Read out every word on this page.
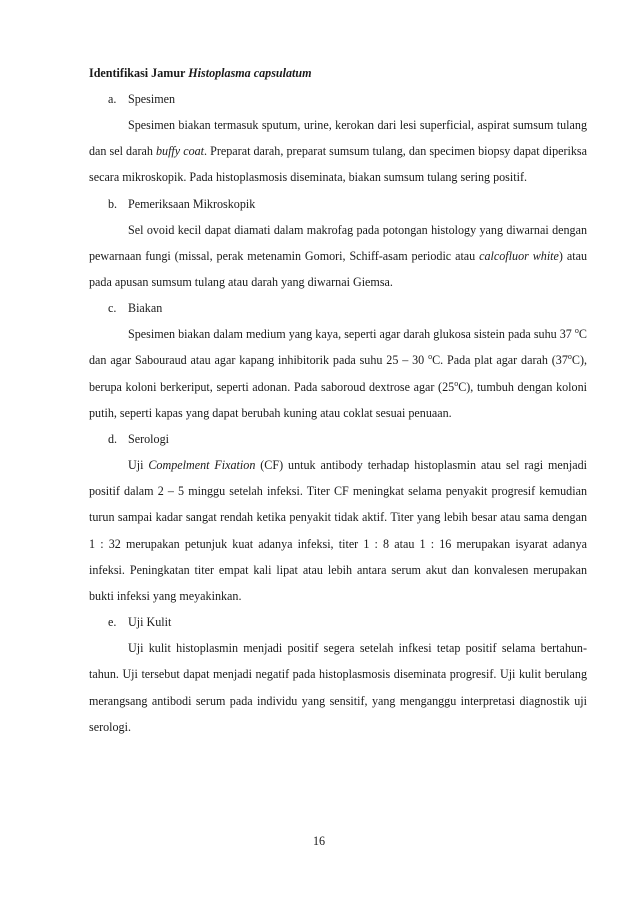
Identifikasi Jamur Histoplasma capsulatum

a. Spesimen

Spesimen biakan termasuk sputum, urine, kerokan dari lesi superficial, aspirat sumsum tulang dan sel darah buffy coat. Preparat darah, preparat sumsum tulang, dan specimen biopsy dapat diperiksa secara mikroskopik. Pada histoplasmosis diseminata, biakan sumsum tulang sering positif.

b. Pemeriksaan Mikroskopik

Sel ovoid kecil dapat diamati dalam makrofag pada potongan histology yang diwarnai dengan pewarnaan fungi (missal, perak metenamin Gomori, Schiff-asam periodic atau calcofluor white) atau pada apusan sumsum tulang atau darah yang diwarnai Giemsa.

c. Biakan

Spesimen biakan dalam medium yang kaya, seperti agar darah glukosa sistein pada suhu 37 $^o$C dan agar Sabouraud atau agar kapang inhibitorik pada suhu 25 – 30 $^o$C. Pada plat agar darah (37$^o$C), berupa koloni berkeriput, seperti adonan. Pada saboroud dextrose agar (25$^o$C), tumbuh dengan koloni putih, seperti kapas yang dapat berubah kuning atau coklat sesuai penuaan.

d. Serologi

Uji Compelment Fixation (CF) untuk antibody terhadap histoplasmin atau sel ragi menjadi positif dalam 2 – 5 minggu setelah infeksi. Titer CF meningkat selama penyakit progresif kemudian turun sampai kadar sangat rendah ketika penyakit tidak aktif. Titer yang lebih besar atau sama dengan 1 : 32 merupakan petunjuk kuat adanya infeksi, titer 1 : 8 atau 1 : 16 merupakan isyarat adanya infeksi. Peningkatan titer empat kali lipat atau lebih antara serum akut dan konvalesen merupakan bukti infeksi yang meyakinkan.

e. Uji Kulit

Uji kulit histoplasmin menjadi positif segera setelah infkesi tetap positif selama bertahun-tahun. Uji tersebut dapat menjadi negatif pada histoplasmosis diseminata progresif. Uji kulit berulang merangsang antibodi serum pada individu yang sensitif, yang menganggu interpretasi diagnostik uji serologi.

16
